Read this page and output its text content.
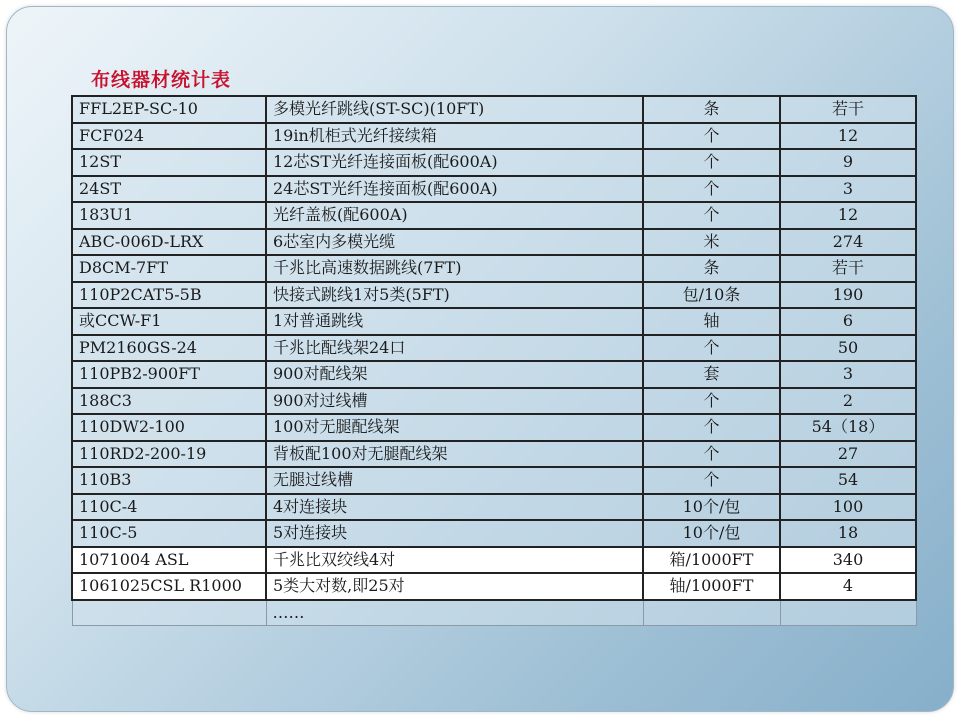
布线器材统计表
FFL2EP-SC-10	多模光纤跳线(ST-SC)(10FT)	条	若干
FCF024	19in机柜式光纤接续箱	个	12
12ST	12芯ST光纤连接面板(配600A)	个	9
24ST	24芯ST光纤连接面板(配600A)	个	3
183U1	光纤盖板(配600A)	个	12
ABC-006D-LRX	6芯室内多模光缆	米	274
D8CM-7FT	千兆比高速数据跳线(7FT)	条	若干
110P2CAT5-5B	快接式跳线1对5类(5FT)	包/10条	190
或CCW-F1	1对普通跳线	轴	6
PM2160GS-24	千兆比配线架24口	个	50
110PB2-900FT	900对配线架	套	3
188C3	900对过线槽	个	2
110DW2-100	100对无腿配线架	个	54（18）
110RD2-200-19	背板配100对无腿配线架	个	27
110B3	无腿过线槽	个	54
110C-4	4对连接块	10个/包	100
110C-5	5对连接块	10个/包	18
1071004 ASL	千兆比双绞线4对	箱/1000FT	340
1061025CSL R1000	5类大对数,即25对	轴/1000FT	4
	……		
